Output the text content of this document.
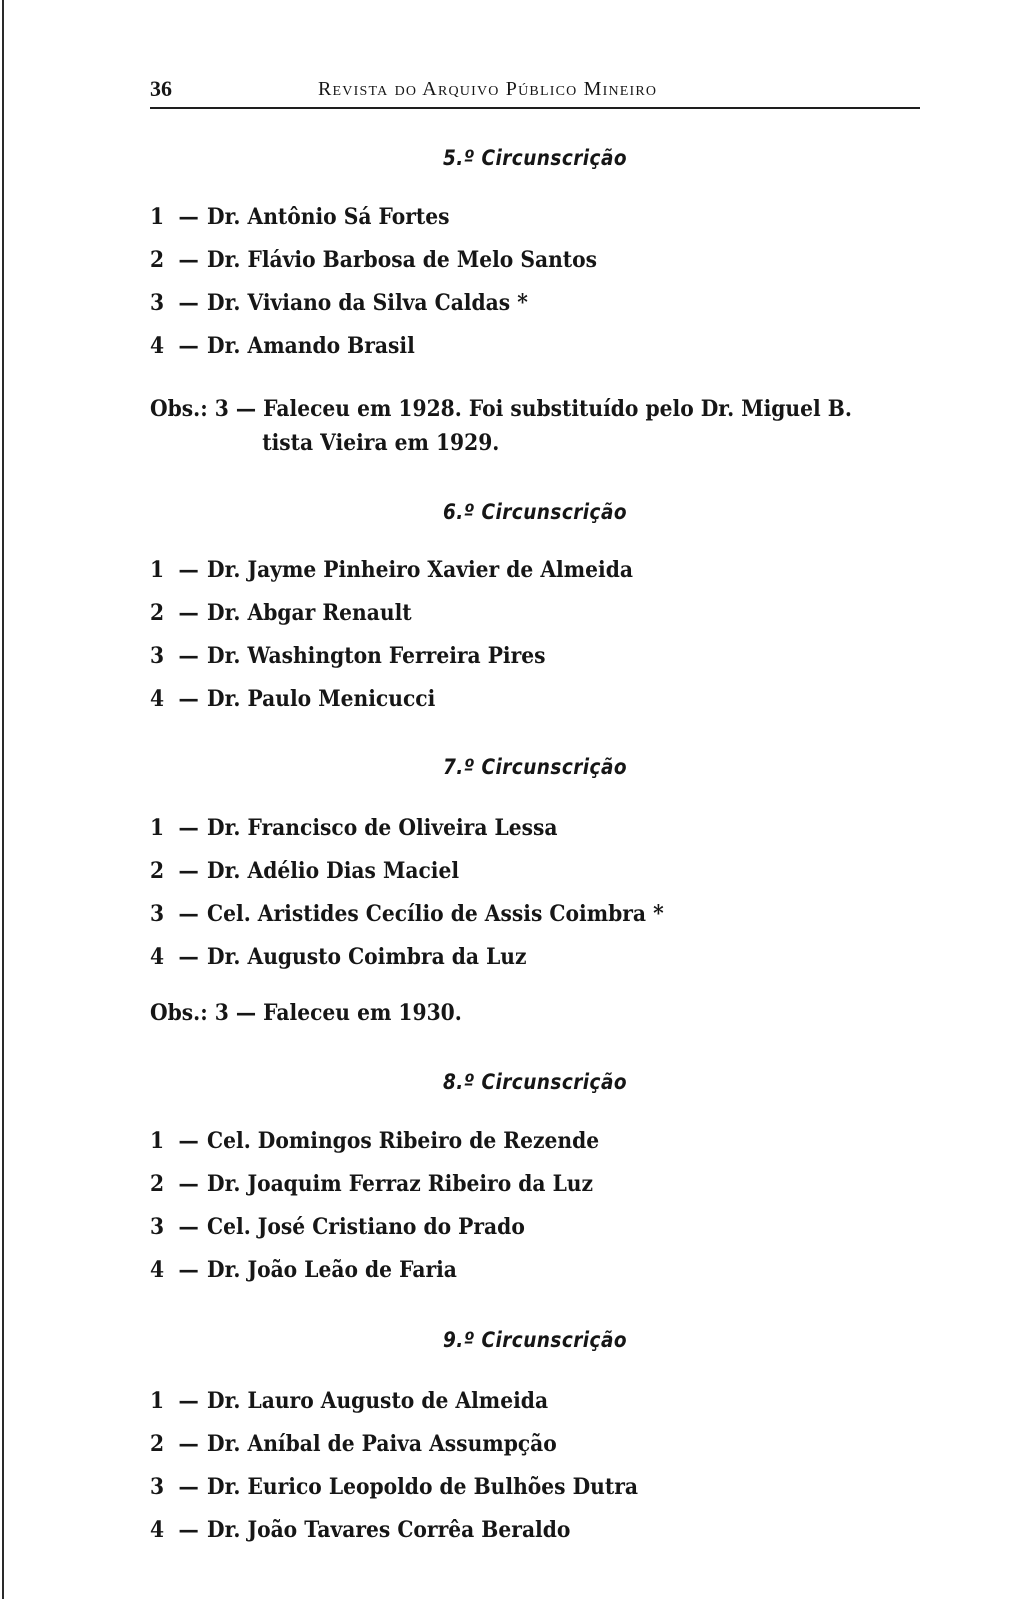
36	Revista do Arquivo Público Mineiro
5.º Circunscrição
1 — Dr. Antônio Sá Fortes
2 — Dr. Flávio Barbosa de Melo Santos
3 — Dr. Viviano da Silva Caldas *
4 — Dr. Amando Brasil
Obs.: 3 — Faleceu em 1928. Foi substituído pelo Dr. Miguel B.
tista Vieira em 1929.
6.º Circunscrição
1 — Dr. Jayme Pinheiro Xavier de Almeida
2 — Dr. Abgar Renault
3 — Dr. Washington Ferreira Pires
4 — Dr. Paulo Menicucci
7.º Circunscrição
1 — Dr. Francisco de Oliveira Lessa
2 — Dr. Adélio Dias Maciel
3 — Cel. Aristides Cecílio de Assis Coimbra *
4 — Dr. Augusto Coimbra da Luz
Obs.: 3 — Faleceu em 1930.
8.º Circunscrição
1 — Cel. Domingos Ribeiro de Rezende
2 — Dr. Joaquim Ferraz Ribeiro da Luz
3 — Cel. José Cristiano do Prado
4 — Dr. João Leão de Faria
9.º Circunscrição
1 — Dr. Lauro Augusto de Almeida
2 — Dr. Aníbal de Paiva Assumpção
3 — Dr. Eurico Leopoldo de Bulhões Dutra
4 — Dr. João Tavares Corrêa Beraldo
